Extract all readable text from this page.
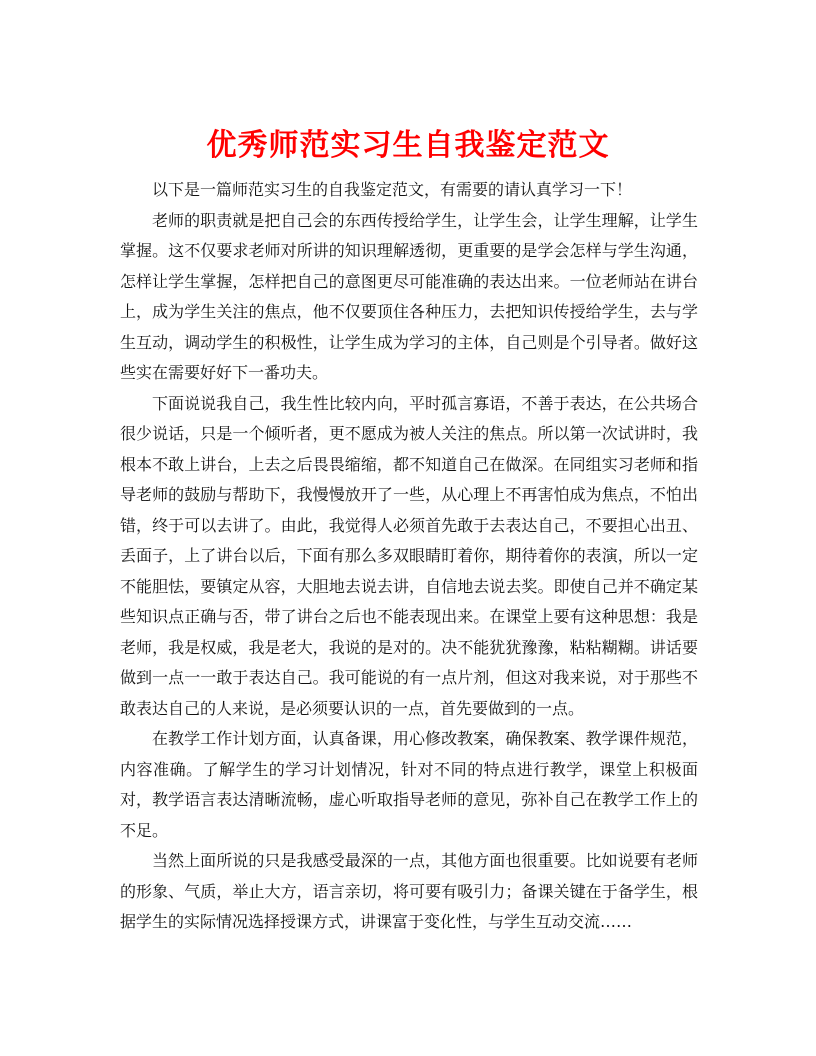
优秀师范实习生自我鉴定范文

以下是一篇师范实习生的自我鉴定范文，有需要的请认真学习一下！

老师的职责就是把自己会的东西传授给学生，让学生会，让学生理解，让学生掌握。这不仅要求老师对所讲的知识理解透彻，更重要的是学会怎样与学生沟通，怎样让学生掌握，怎样把自己的意图更尽可能准确的表达出来。一位老师站在讲台上，成为学生关注的焦点，他不仅要顶住各种压力，去把知识传授给学生，去与学生互动，调动学生的积极性，让学生成为学习的主体，自己则是个引导者。做好这些实在需要好好下一番功夫。

下面说说我自己，我生性比较内向，平时孤言寡语，不善于表达，在公共场合很少说话，只是一个倾听者，更不愿成为被人关注的焦点。所以第一次试讲时，我根本不敢上讲台，上去之后畏畏缩缩，都不知道自己在做深。在同组实习老师和指导老师的鼓励与帮助下，我慢慢放开了一些，从心理上不再害怕成为焦点，不怕出错，终于可以去讲了。由此，我觉得人必须首先敢于去表达自己，不要担心出丑、丢面子，上了讲台以后，下面有那么多双眼睛盯着你，期待着你的表演，所以一定不能胆怯，要镇定从容，大胆地去说去讲，自信地去说去奖。即使自己并不确定某些知识点正确与否，带了讲台之后也不能表现出来。在课堂上要有这种思想：我是老师，我是权威，我是老大，我说的是对的。决不能犹犹豫豫，粘粘糊糊。讲话要做到一点一一敢于表达自己。我可能说的有一点片剂，但这对我来说，对于那些不敢表达自己的人来说，是必须要认识的一点，首先要做到的一点。

在教学工作计划方面，认真备课，用心修改教案，确保教案、教学课件规范，内容准确。了解学生的学习计划情况，针对不同的特点进行教学，课堂上积极面对，教学语言表达清晰流畅，虚心听取指导老师的意见，弥补自己在教学工作上的不足。

当然上面所说的只是我感受最深的一点，其他方面也很重要。比如说要有老师的形象、气质，举止大方，语言亲切，将可要有吸引力；备课关键在于备学生，根据学生的实际情况选择授课方式，讲课富于变化性，与学生互动交流……
